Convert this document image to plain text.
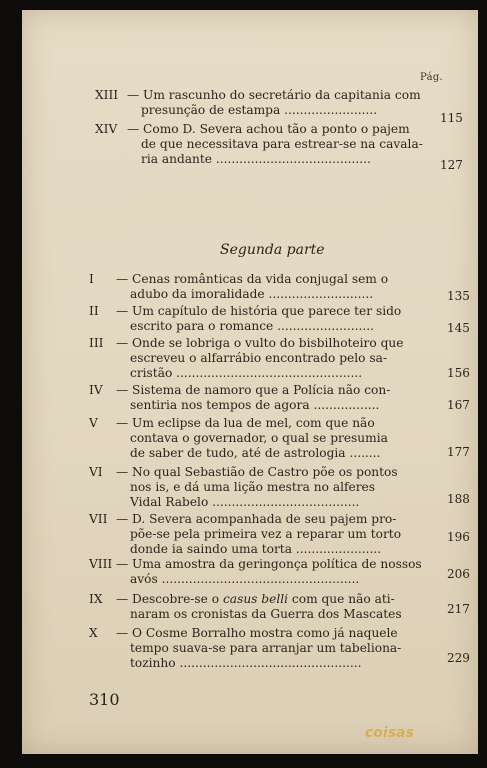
Pág.
XIII — Um rascunho do secretário da capitania com
presunção de estampa ........................
115
XIV — Como D. Severa achou tão a ponto o pajem
de que necessitava para estrear-se na cavala-
ria andante ........................................	127
Segunda parte
I — Cenas românticas da vida conjugal sem o
adubo da imoralidade ...........................	135
II — Um capítulo de história que parece ter sido
escrito para o romance .........................	145
III — Onde se lobriga o vulto do bisbilhoteiro que
escreveu o alfarrábio encontrado pelo sa-
cristão ................................................	156
IV — Sistema de namoro que a Polícia não con-
sentiria nos tempos de agora .................	167
V — Um eclipse da lua de mel, com que não
contava o governador, o qual se presumia
de saber de tudo, até de astrologia ........	177
VI — No qual Sebastião de Castro põe os pontos
nos is, e dá uma lição mestra no alferes
Vidal Rabelo ......................................	188
VII — D. Severa acompanhada de seu pajem pro-
põe-se pela primeira vez a reparar um torto
donde ia saindo uma torta ......................
196
VIII — Uma amostra da geringonça política de nossos
avós ...................................................	206
IX — Descobre-se o casus belli com que não ati-
naram os cronistas da Guerra dos Mascates	217
X — O Cosme Borralho mostra como já naquele
tempo suava-se para arranjar um tabeliona-
tozinho ...............................................	229
310
coisas
